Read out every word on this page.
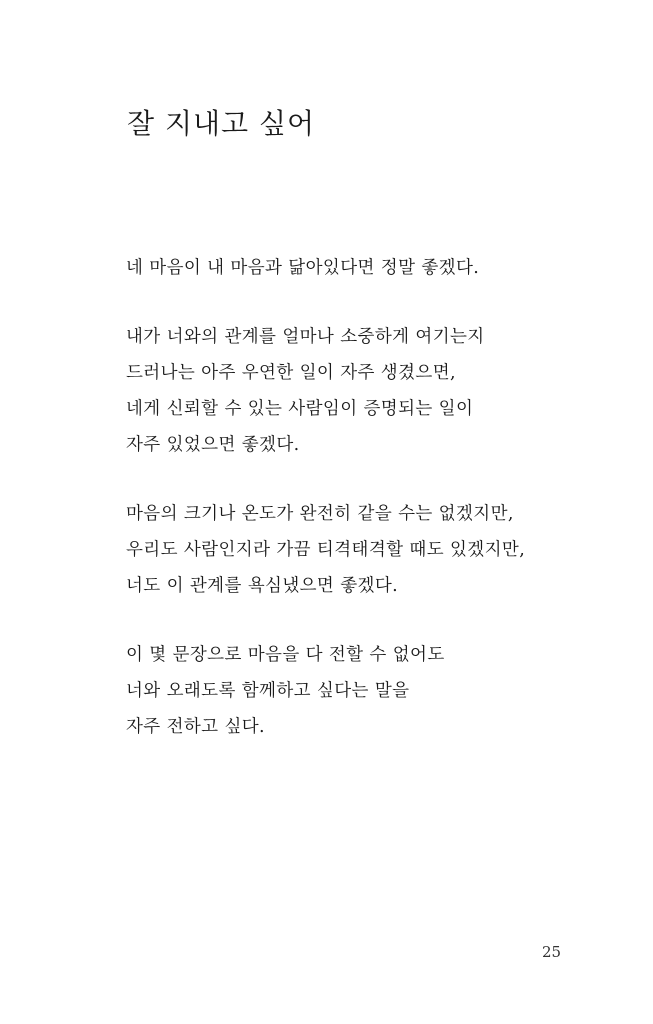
잘 지내고 싶어
네 마음이 내 마음과 닮아있다면 정말 좋겠다.
내가 너와의 관계를 얼마나 소중하게 여기는지
드러나는 아주 우연한 일이 자주 생겼으면,
네게 신뢰할 수 있는 사람임이 증명되는 일이
자주 있었으면 좋겠다.
마음의 크기나 온도가 완전히 같을 수는 없겠지만,
우리도 사람인지라 가끔 티격태격할 때도 있겠지만,
너도 이 관계를 욕심냈으면 좋겠다.
이 몇 문장으로 마음을 다 전할 수 없어도
너와 오래도록 함께하고 싶다는 말을
자주 전하고 싶다.
25
